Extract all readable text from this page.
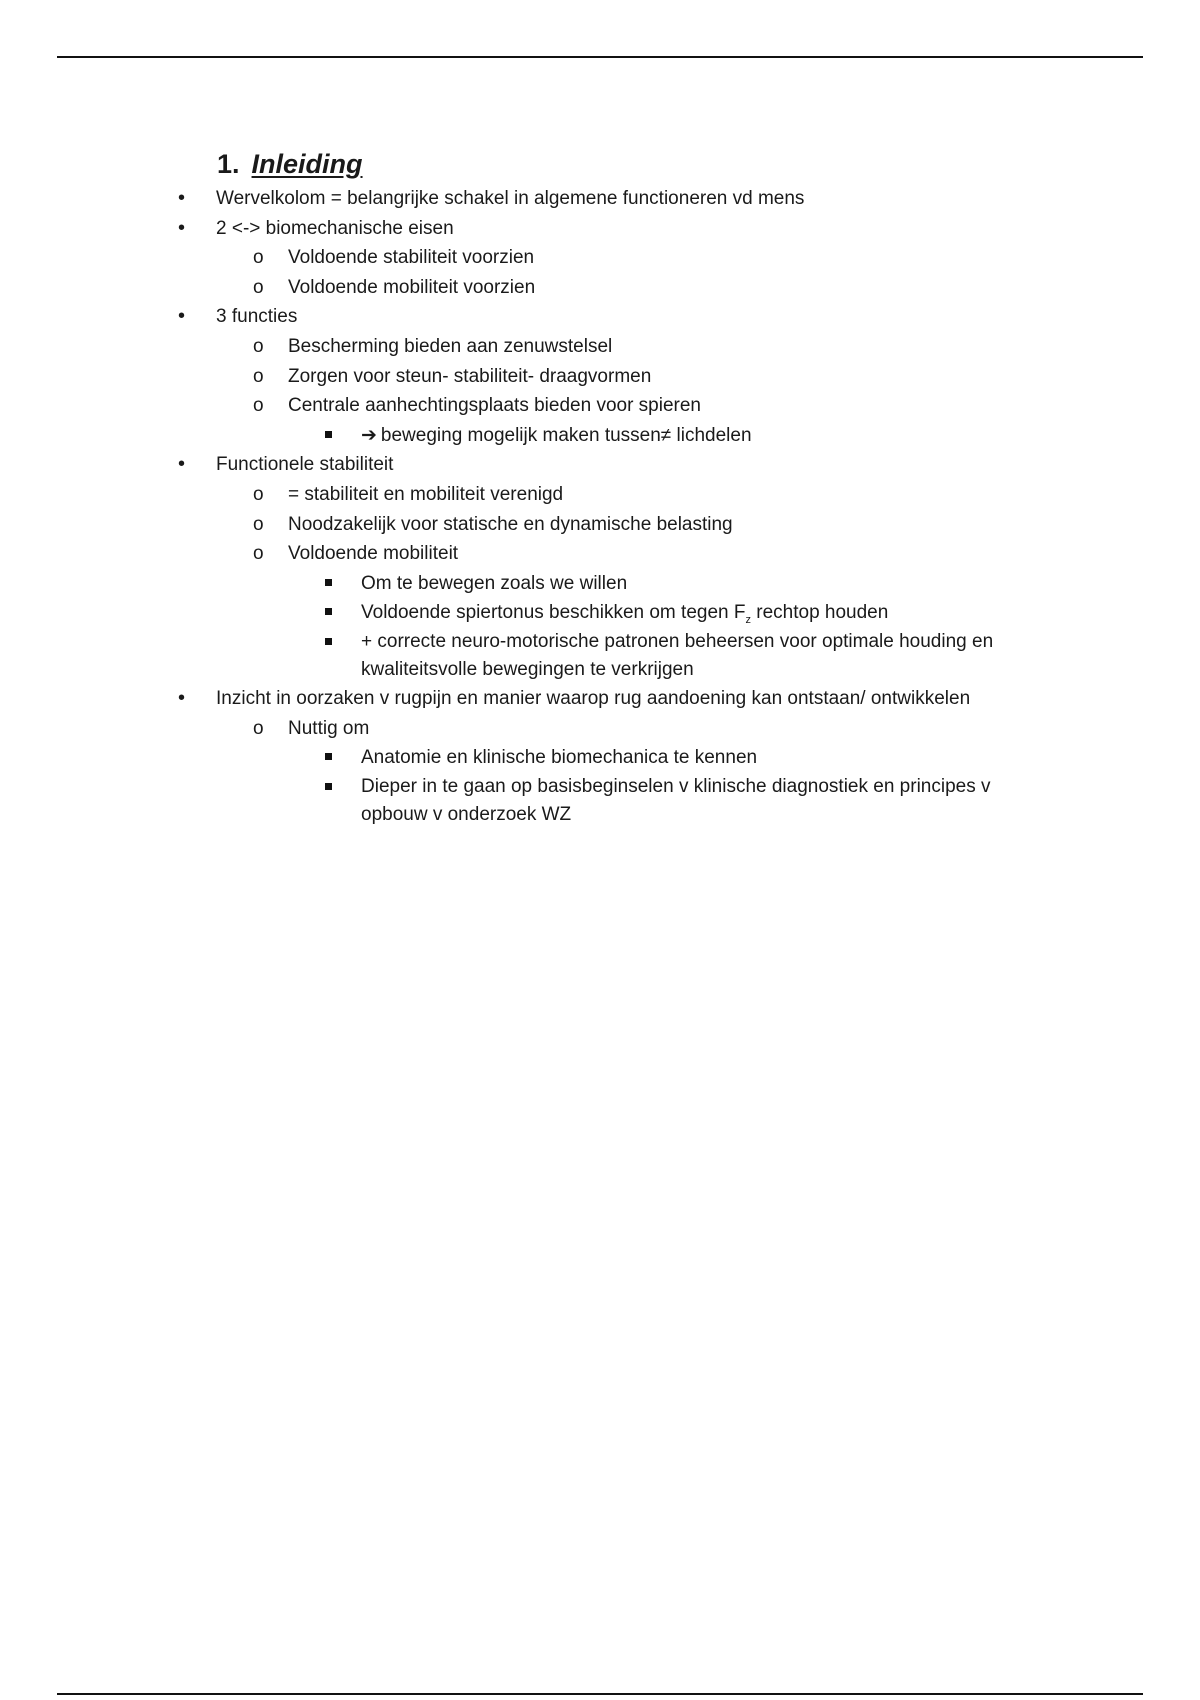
1. Inleiding
• Wervelkolom = belangrijke schakel in algemene functioneren vd mens
• 2 <-> biomechanische eisen
o Voldoende stabiliteit voorzien
o Voldoende mobiliteit voorzien
• 3 functies
o Bescherming bieden aan zenuwstelsel
o Zorgen voor steun- stabiliteit- draagvormen
o Centrale aanhechtingsplaats bieden voor spieren
➔ beweging mogelijk maken tussen≠ lichdelen
• Functionele stabiliteit
o = stabiliteit en mobiliteit verenigd
o Noodzakelijk voor statische en dynamische belasting
o Voldoende mobiliteit
Om te bewegen zoals we willen
Voldoende spiertonus beschikken om tegen $F_z$ rechtop houden
+ correcte neuro-motorische patronen beheersen voor optimale houding en kwaliteitsvolle bewegingen te verkrijgen
• Inzicht in oorzaken v rugpijn en manier waarop rug aandoening kan ontstaan/ ontwikkelen
o Nuttig om
Anatomie en klinische biomechanica te kennen
Dieper in te gaan op basisbeginselen v klinische diagnostiek en principes v opbouw v onderzoek WZ
